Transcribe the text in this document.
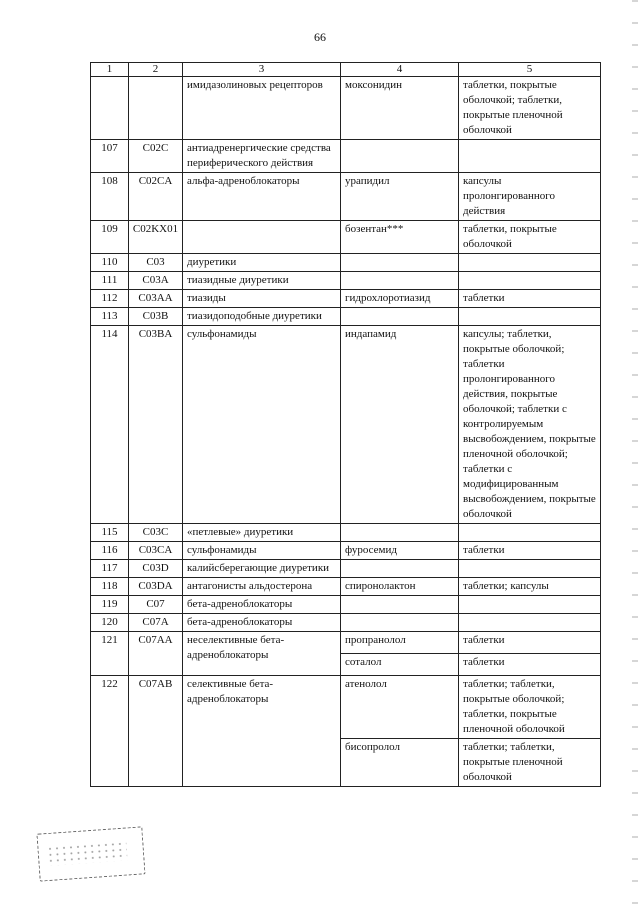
66
1	2	3	4	5
		имидазолиновых рецепторов	моксонидин	таблетки, покрытые оболочкой; таблетки, покрытые пленочной оболочкой
107	C02C	антиадренергические средства периферического действия		
108	C02CA	альфа-адреноблокаторы	урапидил	капсулы пролонгированного действия
109	C02KX01		бозентан***	таблетки, покрытые оболочкой
110	C03	диуретики		
111	C03A	тиазидные диуретики		
112	C03AA	тиазиды	гидрохлоротиазид	таблетки
113	C03B	тиазидоподобные диуретики		
114	C03BA	сульфонамиды	индапамид	капсулы; таблетки, покрытые оболочкой; таблетки пролонгированного действия, покрытые оболочкой; таблетки с контролируемым высвобождением, покрытые пленочной оболочкой; таблетки с модифицированным высвобождением, покрытые оболочкой
115	C03C	«петлевые» диуретики		
116	C03CA	сульфонамиды	фуросемид	таблетки
117	C03D	калийсберегающие диуретики		
118	C03DA	антагонисты альдостерона	спиронолактон	таблетки; капсулы
119	C07	бета-адреноблокаторы		
120	C07A	бета-адреноблокаторы		
121	C07AA	неселективные бета-адреноблокаторы	пропранолол	таблетки
			соталол	таблетки
122	C07AB	селективные бета-адреноблокаторы	атенолол	таблетки; таблетки, покрытые оболочкой; таблетки, покрытые пленочной оболочкой
			бисопролол	таблетки; таблетки, покрытые пленочной оболочкой
